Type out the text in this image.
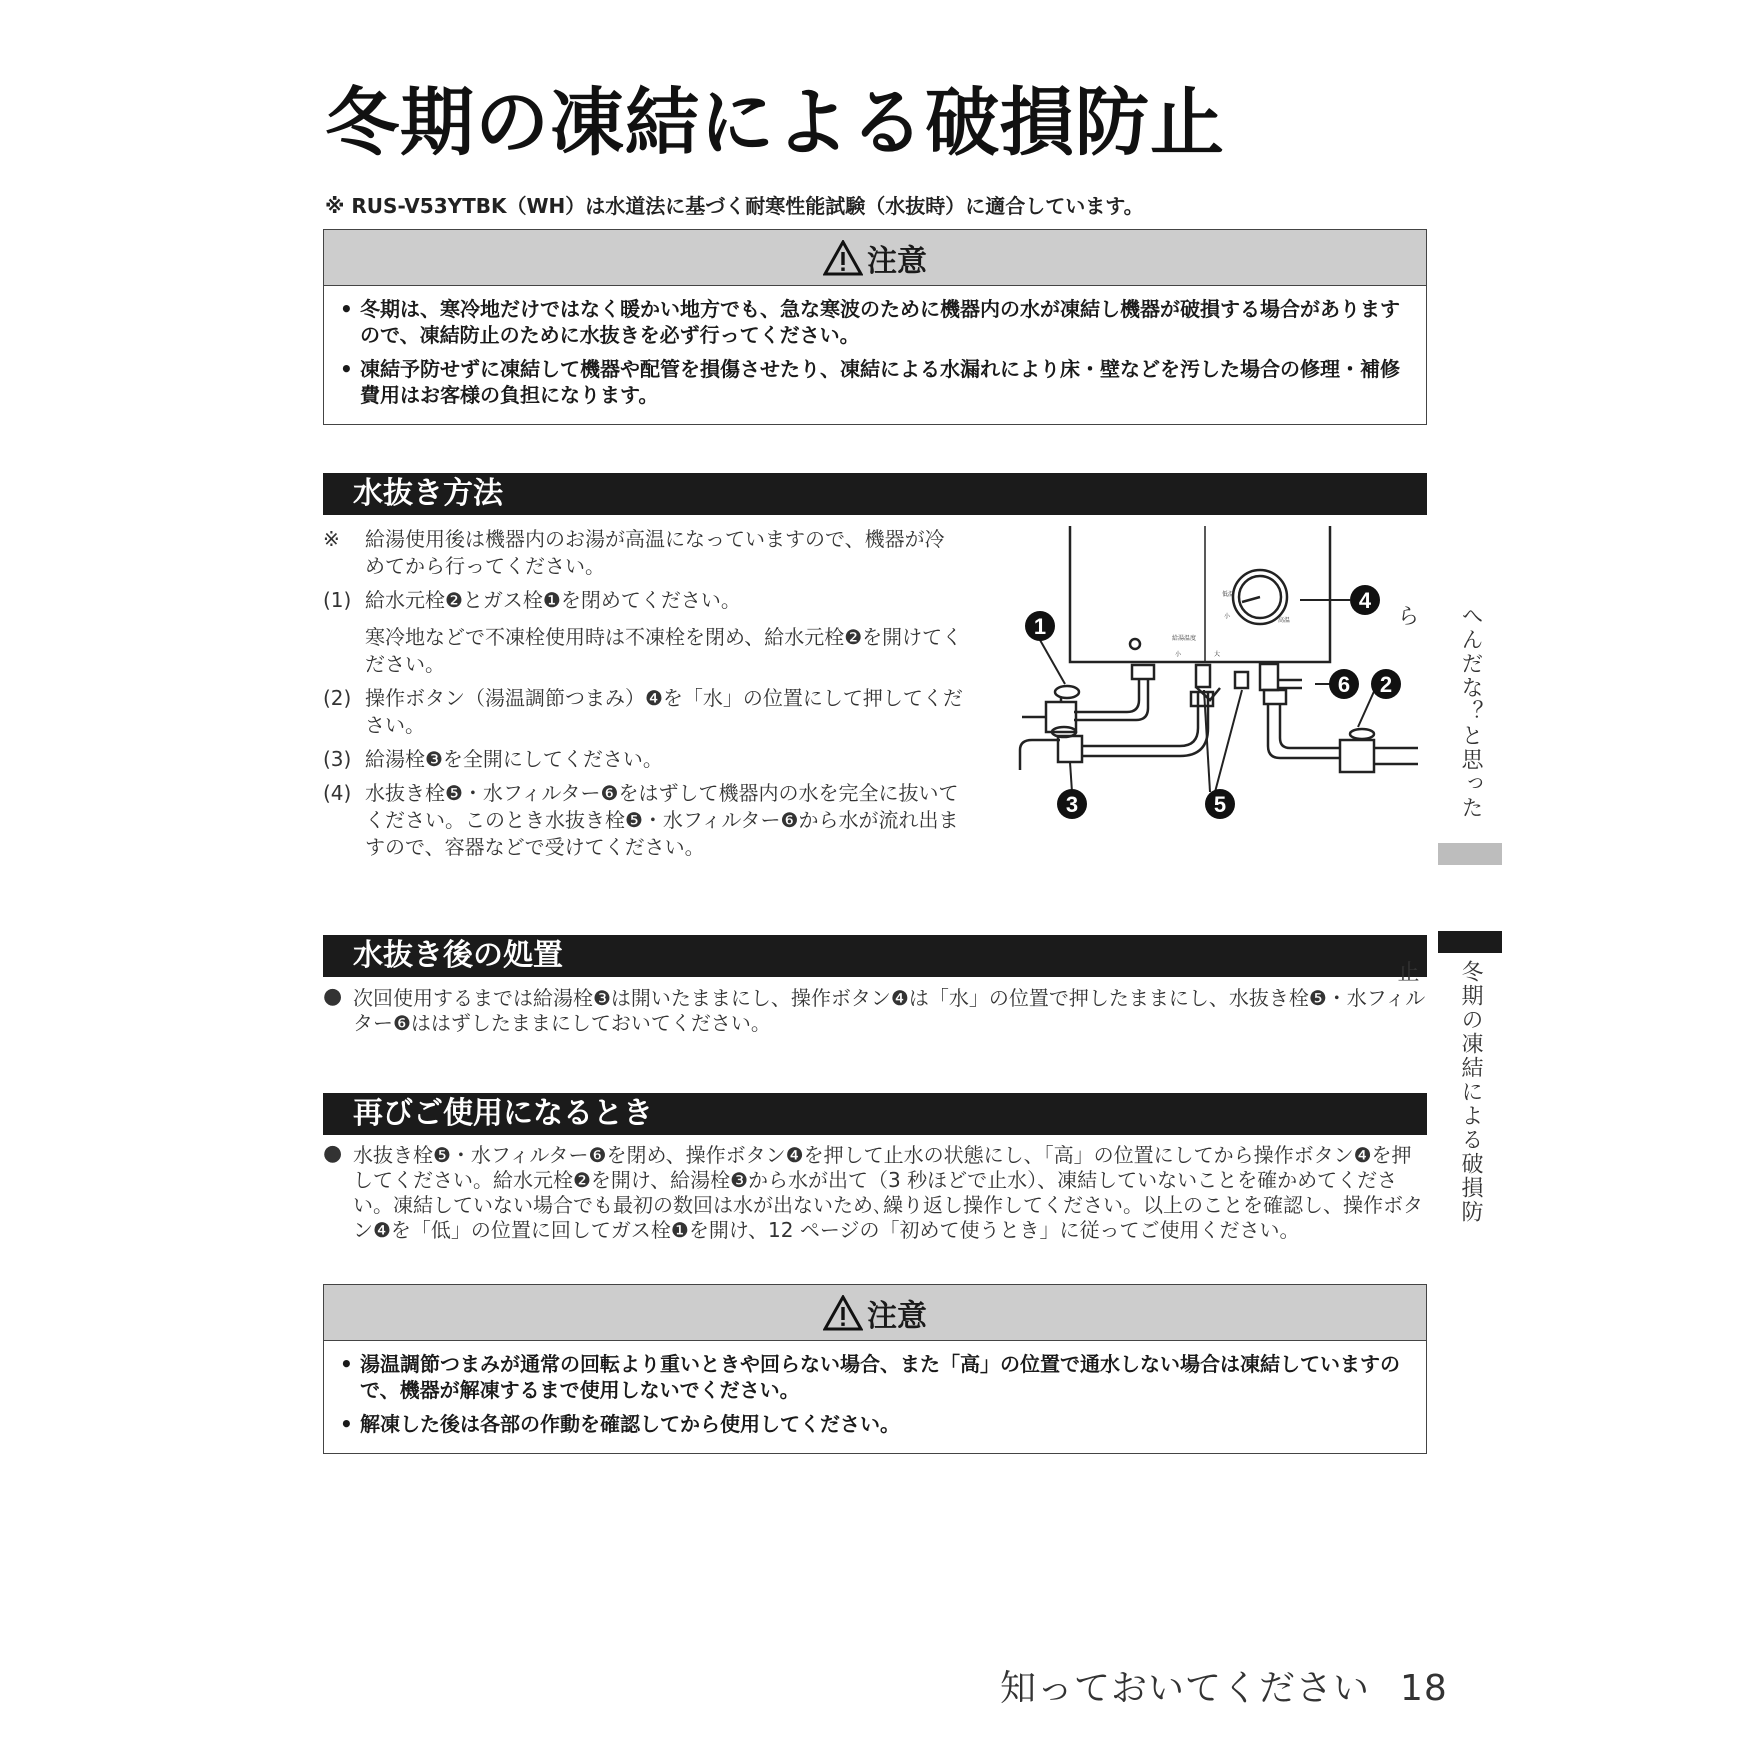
冬期の凍結による破損防止
※ RUS-V53YTBK（WH）は水道法に基づく耐寒性能試験（水抜時）に適合しています。
注意
• 冬期は、寒冷地だけではなく暖かい地方でも、急な寒波のために機器内の水が凍結し機器が破損する場合がありますので、凍結防止のために水抜きを必ず行ってください。
• 凍結予防せずに凍結して機器や配管を損傷させたり、凍結による水漏れにより床・壁などを汚した場合の修理・補修費用はお客様の負担になります。
水抜き方法
※ 給湯使用後は機器内のお湯が高温になっていますので、機器が冷めてから行ってください。
(1) 給水元栓❷とガス栓❶を閉めてください。
寒冷地などで不凍栓使用時は不凍栓を閉め、給水元栓❷を開けてください。
(2) 操作ボタン（湯温調節つまみ）❹を「水」の位置にして押してください。
(3) 給湯栓❸を全開にしてください。
(4) 水抜き栓❺・水フィルター❻をはずして機器内の水を完全に抜いてください。このとき水抜き栓❺・水フィルター❻から水が流れ出ますので、容器などで受けてください。
1
2
3
4
5
6
低温
高温
小
給湯温度
小	大
水抜き後の処置
● 次回使用するまでは給湯栓❸は開いたままにし、操作ボタン❹は「水」の位置で押したままにし、水抜き栓❺・水フィルター❻ははずしたままにしておいてください。
再びご使用になるとき
● 水抜き栓❺・水フィルター❻を閉め、操作ボタン❹を押して止水の状態にし、「高」の位置にしてから操作ボタン❹を押してください。給水元栓❷を開け、給湯栓❸から水が出て（3 秒ほどで止水）、凍結していないことを確かめてください。凍結していない場合でも最初の数回は水が出ないため､繰り返し操作してください。以上のことを確認し、操作ボタン❹を「低」の位置に回してガス栓❶を開け、12 ページの「初めて使うとき」に従ってご使用ください。
注意
• 湯温調節つまみが通常の回転より重いときや回らない場合、また「高」の位置で通水しない場合は凍結していますので、機器が解凍するまで使用しないでください。
• 解凍した後は各部の作動を確認してから使用してください。
へんだな？と思ったら
冬期の凍結による破損防止
知っておいてください 18
